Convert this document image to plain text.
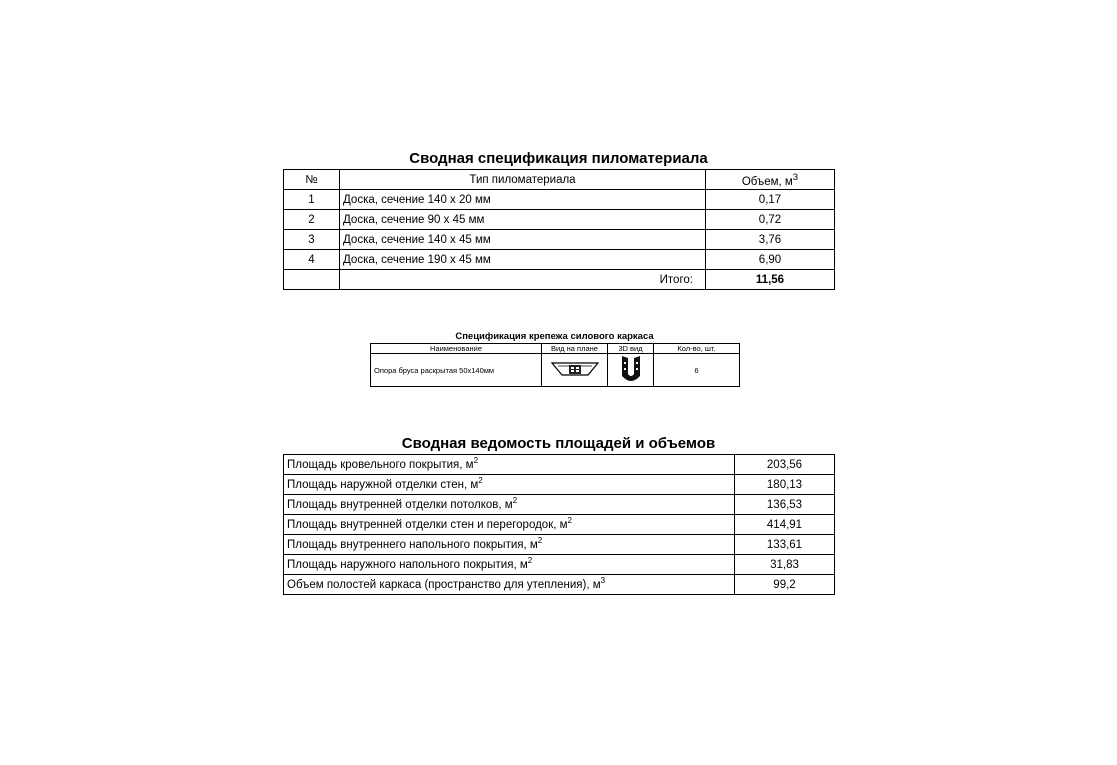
Сводная спецификация пиломатериала
№	Тип пиломатериала	Объем, $м^3$
1	Доска, сечение 140 х 20 мм	0,17
2	Доска, сечение 90 х 45 мм	0,72
3	Доска, сечение 140 х 45 мм	3,76
4	Доска, сечение 190 х 45 мм	6,90
	Итого:	11,56
Спецификация крепежа силового каркаса
Наименование	Вид на плане	3D вид	Кол-во, шт.
Опора бруса раскрытая 50х140мм			6
Сводная ведомость площадей и объемов
Площадь кровельного покрытия, $м^2$	203,56
Площадь наружной отделки стен, $м^2$	180,13
Площадь внутренней отделки потолков, $м^2$	136,53
Площадь внутренней отделки стен и перегородок, $м^2$	414,91
Площадь внутреннего напольного покрытия, $м^2$	133,61
Площадь наружного напольного покрытия, $м^2$	31,83
Объем полостей каркаса (пространство для утепления), $м^3$	99,2
